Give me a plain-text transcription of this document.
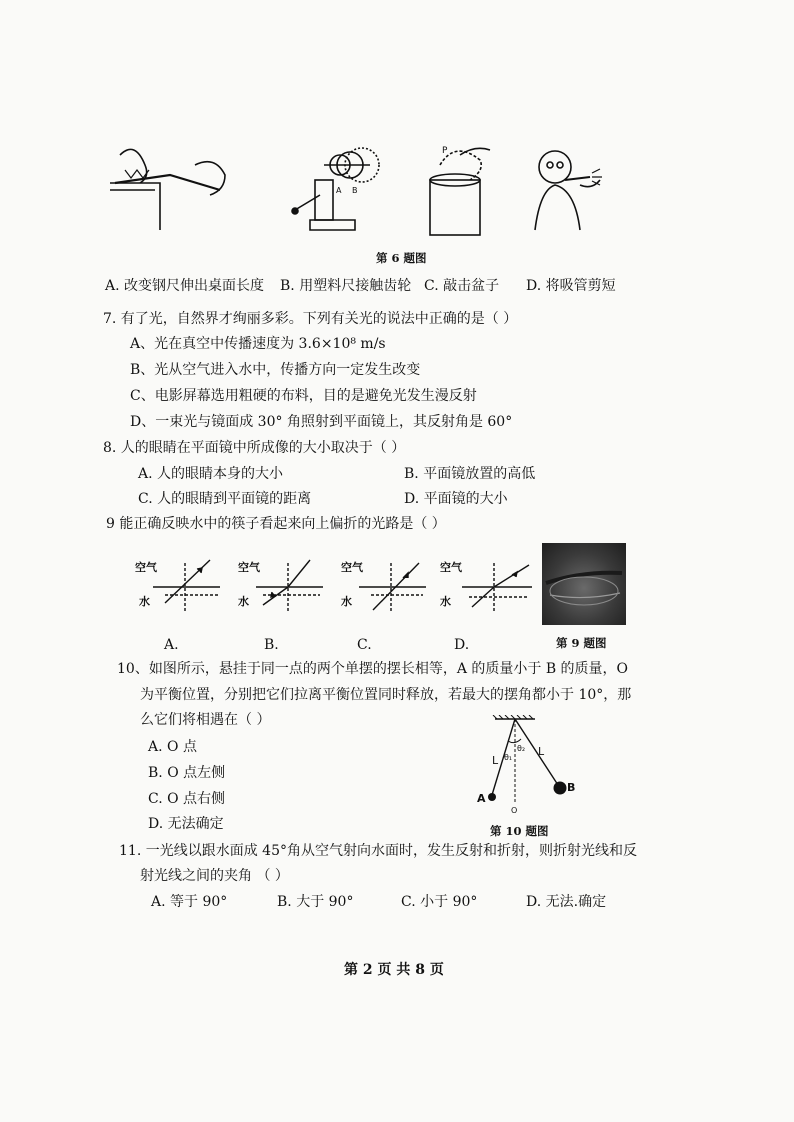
A B
P
第 6 题图
A. 改变钢尺伸出桌面长度 B. 用塑料尺接触齿轮 C. 敲击盆子 D. 将吸管剪短
7. 有了光，自然界才绚丽多彩。下列有关光的说法中正确的是（ ）
A、光在真空中传播速度为 3.6×10⁸ m/s
B、光从空气进入水中，传播方向一定发生改变
C、电影屏幕选用粗硬的布料，目的是避免光发生漫反射
D、一束光与镜面成 30° 角照射到平面镜上，其反射角是 60°
8. 人的眼睛在平面镜中所成像的大小取决于（ ）
A. 人的眼睛本身的大小	B. 平面镜放置的高低
C. 人的眼睛到平面镜的距离	D. 平面镜的大小
9 能正确反映水中的筷子看起来向上偏折的光路是（ ）
空气
水
空气
水
空气
水
空气
水
A.	B.	C.	D.	第 9 题图
10、如图所示，悬挂于同一点的两个单摆的摆长相等，A 的质量小于 B 的质量，O
为平衡位置，分别把它们拉离平衡位置同时释放，若最大的摆角都小于 10°，那
么它们将相遇在（ ）
A. O 点
B. O 点左侧
C. O 点右侧
D. 无法确定
L
L
θ₁
θ₂
A
B
O
第 10 题图
11. 一光线以跟水面成 45°角从空气射向水面时，发生反射和折射，则折射光线和反
射光线之间的夹角 （ ）
A. 等于 90°	B. 大于 90°	C. 小于 90°	D. 无法.确定
第 2 页 共 8 页
